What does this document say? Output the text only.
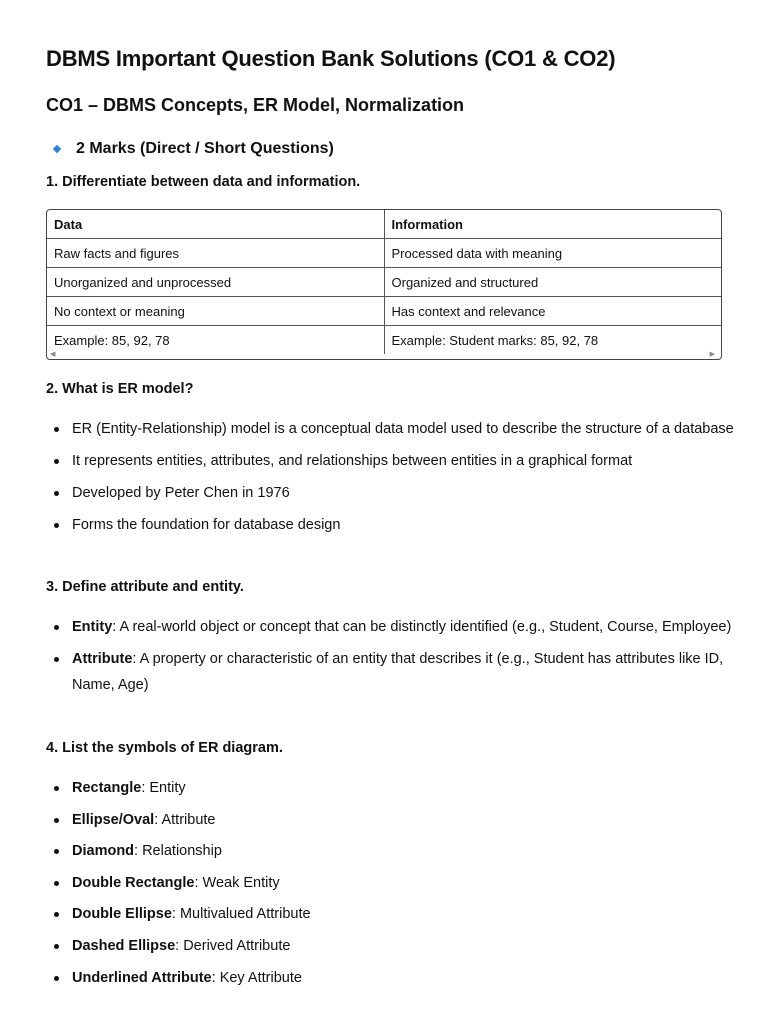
DBMS Important Question Bank Solutions (CO1 & CO2)
CO1 – DBMS Concepts, ER Model, Normalization
2 Marks (Direct / Short Questions)

1. Differentiate between data and information.

Data	Information
Raw facts and figures	Processed data with meaning
Unorganized and unprocessed	Organized and structured
No context or meaning	Has context and relevance
Example: 85, 92, 78	Example: Student marks: 85, 92, 78
◀	▶

2. What is ER model?

ER (Entity-Relationship) model is a conceptual data model used to describe the structure of a database
It represents entities, attributes, and relationships between entities in a graphical format
Developed by Peter Chen in 1976
Forms the foundation for database design

3. Define attribute and entity.

Entity: A real-world object or concept that can be distinctly identified (e.g., Student, Course, Employee)
Attribute: A property or characteristic of an entity that describes it (e.g., Student has attributes like ID, Name, Age)

4. List the symbols of ER diagram.

Rectangle: Entity
Ellipse/Oval: Attribute
Diamond: Relationship
Double Rectangle: Weak Entity
Double Ellipse: Multivalued Attribute
Dashed Ellipse: Derived Attribute
Underlined Attribute: Key Attribute
